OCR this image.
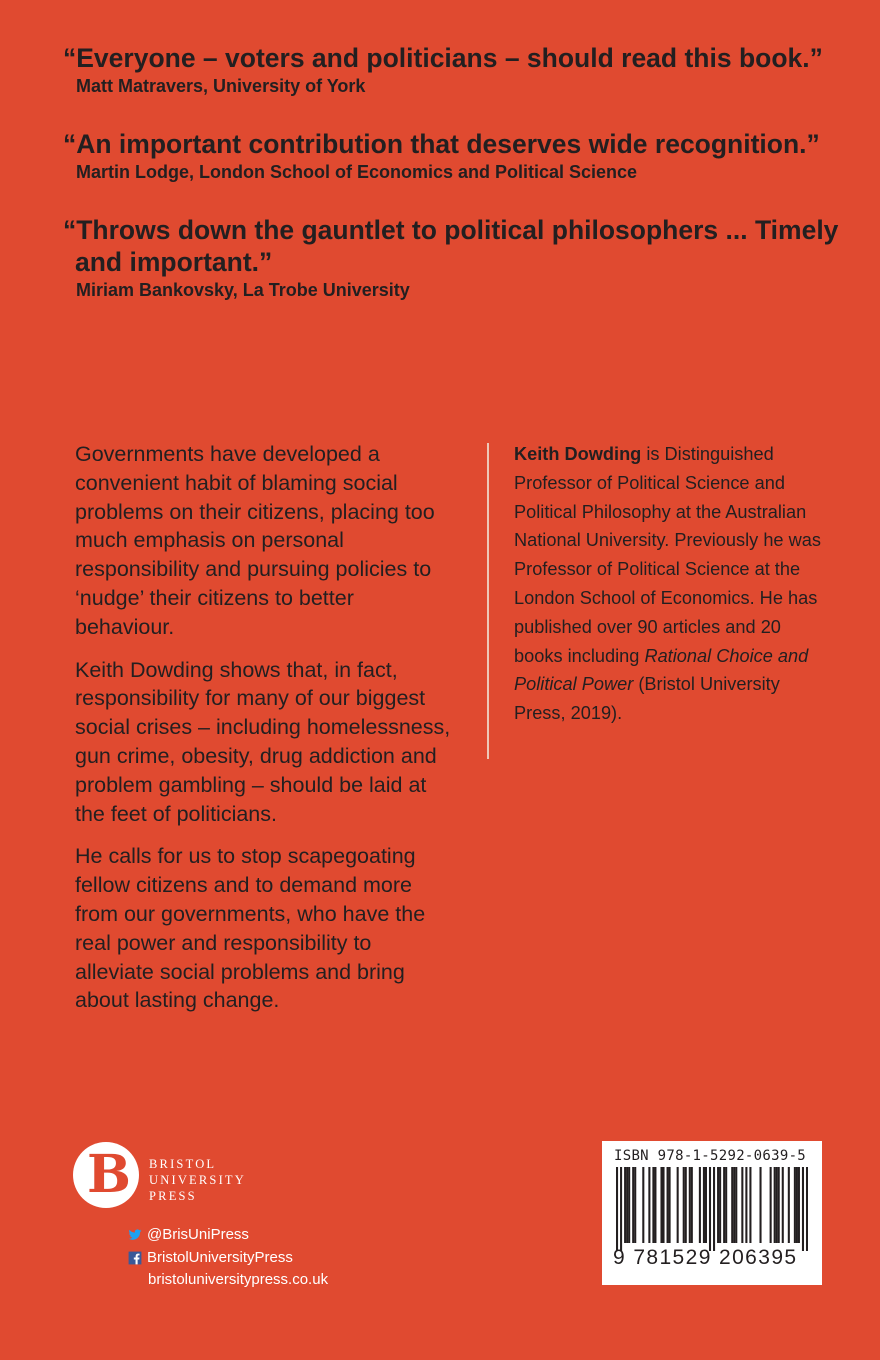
“Everyone – voters and politicians – should read this book.”
Matt Matravers, University of York
“An important contribution that deserves wide recognition.”
Martin Lodge, London School of Economics and Political Science
“Throws down the gauntlet to political philosophers ... Timely and important.”
Miriam Bankovsky, La Trobe University

Governments have developed a convenient habit of blaming social problems on their citizens, placing too much emphasis on personal responsibility and pursuing policies to ‘nudge’ their citizens to better behaviour.

Keith Dowding shows that, in fact, responsibility for many of our biggest social crises – including homelessness, gun crime, obesity, drug addiction and problem gambling – should be laid at the feet of politicians.

He calls for us to stop scapegoating fellow citizens and to demand more from our governments, who have the real power and responsibility to alleviate social problems and bring about lasting change.

Keith Dowding is Distinguished Professor of Political Science and Political Philosophy at the Australian National University. Previously he was Professor of Political Science at the London School of Economics. He has published over 90 articles and 20 books including Rational Choice and Political Power (Bristol University Press, 2019).
B BRISTOL
UNIVERSITY
PRESS
@BrisUniPress
BristolUniversityPress
bristoluniversitypress.co.uk
ISBN 978-1-5292-0639-5
9 781529 206395
